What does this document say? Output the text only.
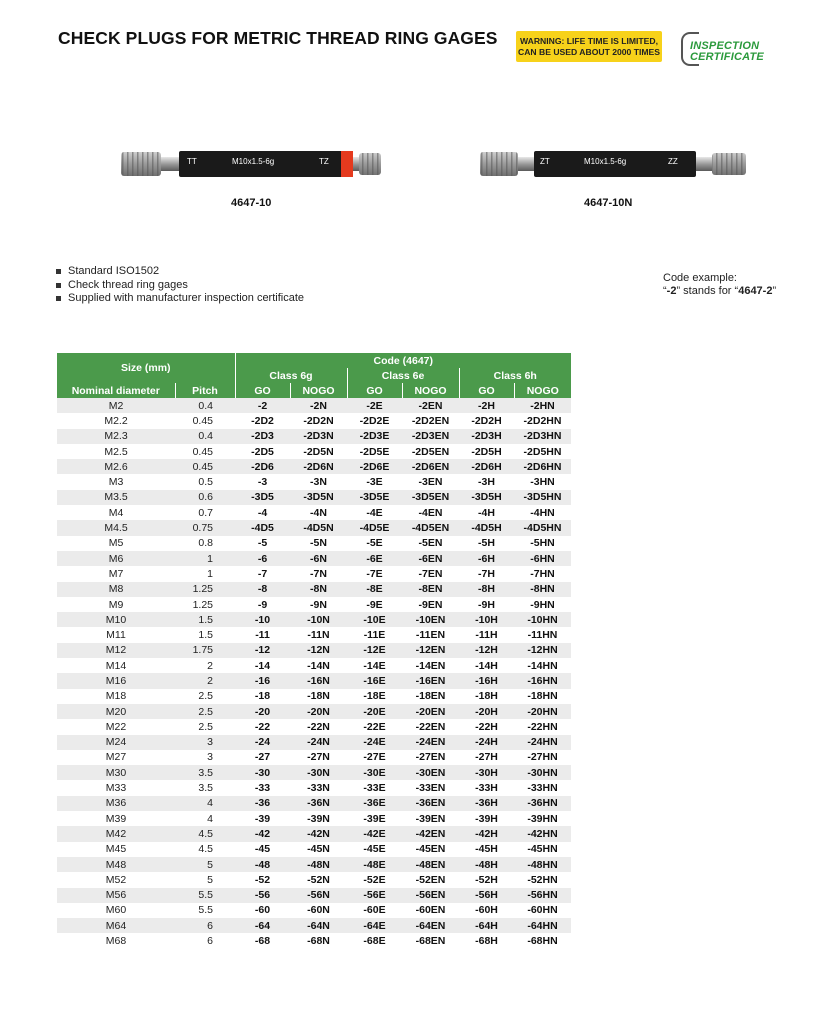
CHECK PLUGS FOR METRIC THREAD RING GAGES	WARNING: LIFE TIME IS LIMITED,
CAN BE USED ABOUT 2000 TIMES	INSPECTION
CERTIFICATE
TT	M10x1.5-6g	TZ
4647-10
ZT	M10x1.5-6g	ZZ
4647-10N
Standard ISO1502
Check thread ring gages
Supplied with manufacturer inspection certificate
Code example:
“-2” stands for “4647-2”
Size (mm)		Code (4647)					
		Class 6g		Class 6e		Class 6h	
Nominal diameter	Pitch	GO	NOGO	GO	NOGO	GO	NOGO
M2	0.4	-2	-2N	-2E	-2EN	-2H	-2HN
M2.2	0.45	-2D2	-2D2N	-2D2E	-2D2EN	-2D2H	-2D2HN
M2.3	0.4	-2D3	-2D3N	-2D3E	-2D3EN	-2D3H	-2D3HN
M2.5	0.45	-2D5	-2D5N	-2D5E	-2D5EN	-2D5H	-2D5HN
M2.6	0.45	-2D6	-2D6N	-2D6E	-2D6EN	-2D6H	-2D6HN
M3	0.5	-3	-3N	-3E	-3EN	-3H	-3HN
M3.5	0.6	-3D5	-3D5N	-3D5E	-3D5EN	-3D5H	-3D5HN
M4	0.7	-4	-4N	-4E	-4EN	-4H	-4HN
M4.5	0.75	-4D5	-4D5N	-4D5E	-4D5EN	-4D5H	-4D5HN
M5	0.8	-5	-5N	-5E	-5EN	-5H	-5HN
M6	1	-6	-6N	-6E	-6EN	-6H	-6HN
M7	1	-7	-7N	-7E	-7EN	-7H	-7HN
M8	1.25	-8	-8N	-8E	-8EN	-8H	-8HN
M9	1.25	-9	-9N	-9E	-9EN	-9H	-9HN
M10	1.5	-10	-10N	-10E	-10EN	-10H	-10HN
M11	1.5	-11	-11N	-11E	-11EN	-11H	-11HN
M12	1.75	-12	-12N	-12E	-12EN	-12H	-12HN
M14	2	-14	-14N	-14E	-14EN	-14H	-14HN
M16	2	-16	-16N	-16E	-16EN	-16H	-16HN
M18	2.5	-18	-18N	-18E	-18EN	-18H	-18HN
M20	2.5	-20	-20N	-20E	-20EN	-20H	-20HN
M22	2.5	-22	-22N	-22E	-22EN	-22H	-22HN
M24	3	-24	-24N	-24E	-24EN	-24H	-24HN
M27	3	-27	-27N	-27E	-27EN	-27H	-27HN
M30	3.5	-30	-30N	-30E	-30EN	-30H	-30HN
M33	3.5	-33	-33N	-33E	-33EN	-33H	-33HN
M36	4	-36	-36N	-36E	-36EN	-36H	-36HN
M39	4	-39	-39N	-39E	-39EN	-39H	-39HN
M42	4.5	-42	-42N	-42E	-42EN	-42H	-42HN
M45	4.5	-45	-45N	-45E	-45EN	-45H	-45HN
M48	5	-48	-48N	-48E	-48EN	-48H	-48HN
M52	5	-52	-52N	-52E	-52EN	-52H	-52HN
M56	5.5	-56	-56N	-56E	-56EN	-56H	-56HN
M60	5.5	-60	-60N	-60E	-60EN	-60H	-60HN
M64	6	-64	-64N	-64E	-64EN	-64H	-64HN
M68	6	-68	-68N	-68E	-68EN	-68H	-68HN
